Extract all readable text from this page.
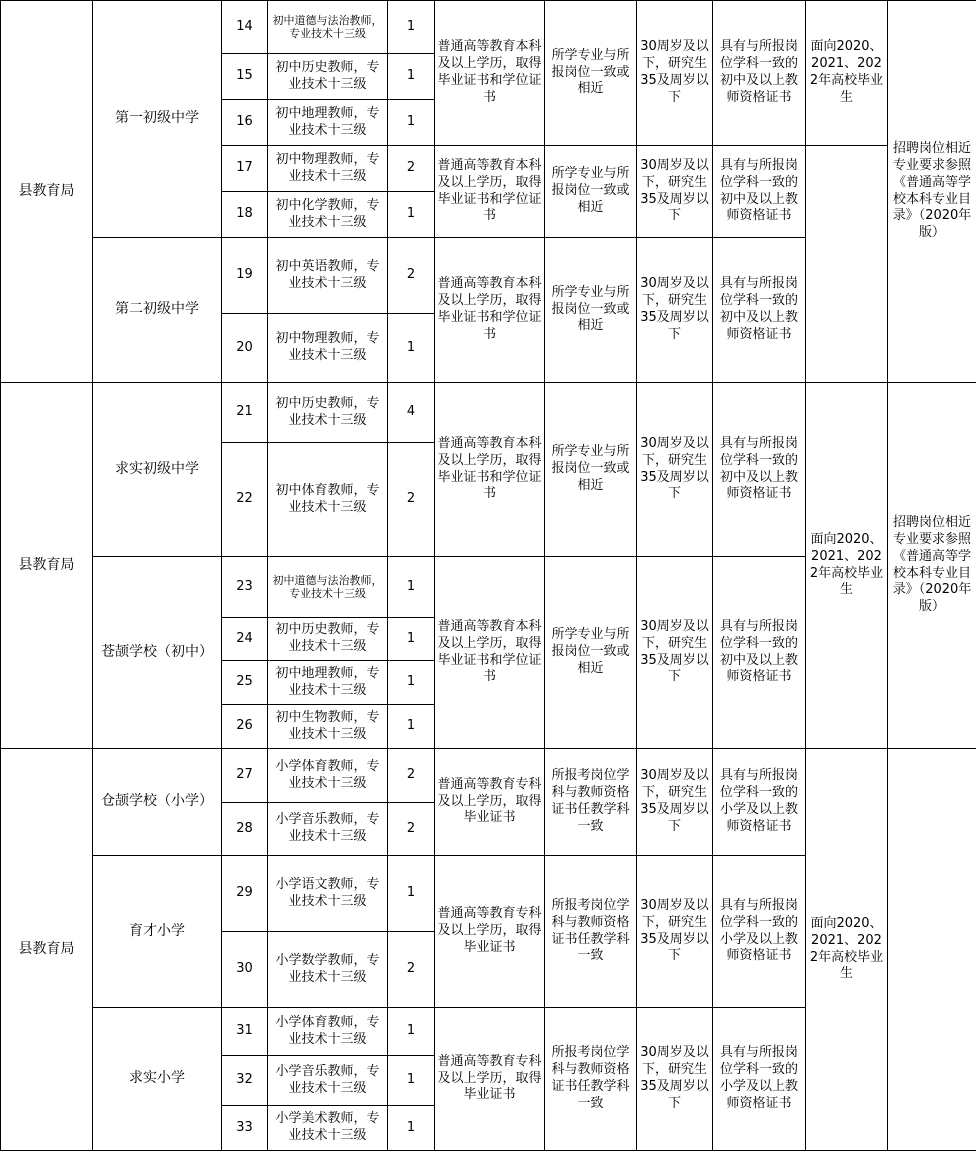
县教育局	第一初级中学	14	初中道德与法治教师，专业技术十三级	1	普通高等教育本科及以上学历，取得毕业证书和学位证书	所学专业与所报岗位一致或相近	30周岁及以下，研究生35及周岁以下	具有与所报岗位学科一致的初中及以上教师资格证书	面向2020、2021、2022年高校毕业生	招聘岗位相近专业要求参照《普通高等学校本科专业目录》（2020年版）
		15	初中历史教师，专业技术十三级	1						
		16	初中地理教师，专业技术十三级	1						
		17	初中物理教师，专业技术十三级	2	普通高等教育本科及以上学历，取得毕业证书和学位证书	所学专业与所报岗位一致或相近	30周岁及以下，研究生35及周岁以下	具有与所报岗位学科一致的初中及以上教师资格证书		
		18	初中化学教师，专业技术十三级	1						
	第二初级中学	19	初中英语教师，专业技术十三级	2	普通高等教育本科及以上学历，取得毕业证书和学位证书	所学专业与所报岗位一致或相近	30周岁及以下，研究生35及周岁以下	具有与所报岗位学科一致的初中及以上教师资格证书		
		20	初中物理教师，专业技术十三级	1						
县教育局	求实初级中学	21	初中历史教师，专业技术十三级	4	普通高等教育本科及以上学历，取得毕业证书和学位证书	所学专业与所报岗位一致或相近	30周岁及以下，研究生35及周岁以下	具有与所报岗位学科一致的初中及以上教师资格证书	面向2020、2021、2022年高校毕业生	招聘岗位相近专业要求参照《普通高等学校本科专业目录》（2020年版）
		22	初中体育教师，专业技术十三级	2						
	苍颉学校（初中）	23	初中道德与法治教师，专业技术十三级	1	普通高等教育本科及以上学历，取得毕业证书和学位证书	所学专业与所报岗位一致或相近	30周岁及以下，研究生35及周岁以下	具有与所报岗位学科一致的初中及以上教师资格证书		
		24	初中历史教师，专业技术十三级	1						
		25	初中地理教师，专业技术十三级	1						
		26	初中生物教师，专业技术十三级	1						
县教育局	仓颉学校（小学）	27	小学体育教师，专业技术十三级	2	普通高等教育专科及以上学历，取得毕业证书	所报考岗位学科与教师资格证书任教学科一致	30周岁及以下，研究生35及周岁以下	具有与所报岗位学科一致的小学及以上教师资格证书	面向2020、2021、2022年高校毕业生	
		28	小学音乐教师，专业技术十三级	2						
	育才小学	29	小学语文教师，专业技术十三级	1	普通高等教育专科及以上学历，取得毕业证书	所报考岗位学科与教师资格证书任教学科一致	30周岁及以下，研究生35及周岁以下	具有与所报岗位学科一致的小学及以上教师资格证书		
		30	小学数学教师，专业技术十三级	2						
	求实小学	31	小学体育教师，专业技术十三级	1	普通高等教育专科及以上学历，取得毕业证书	所报考岗位学科与教师资格证书任教学科一致	30周岁及以下，研究生35及周岁以下	具有与所报岗位学科一致的小学及以上教师资格证书		
		32	小学音乐教师，专业技术十三级	1						
		33	小学美术教师，专业技术十三级	1						
